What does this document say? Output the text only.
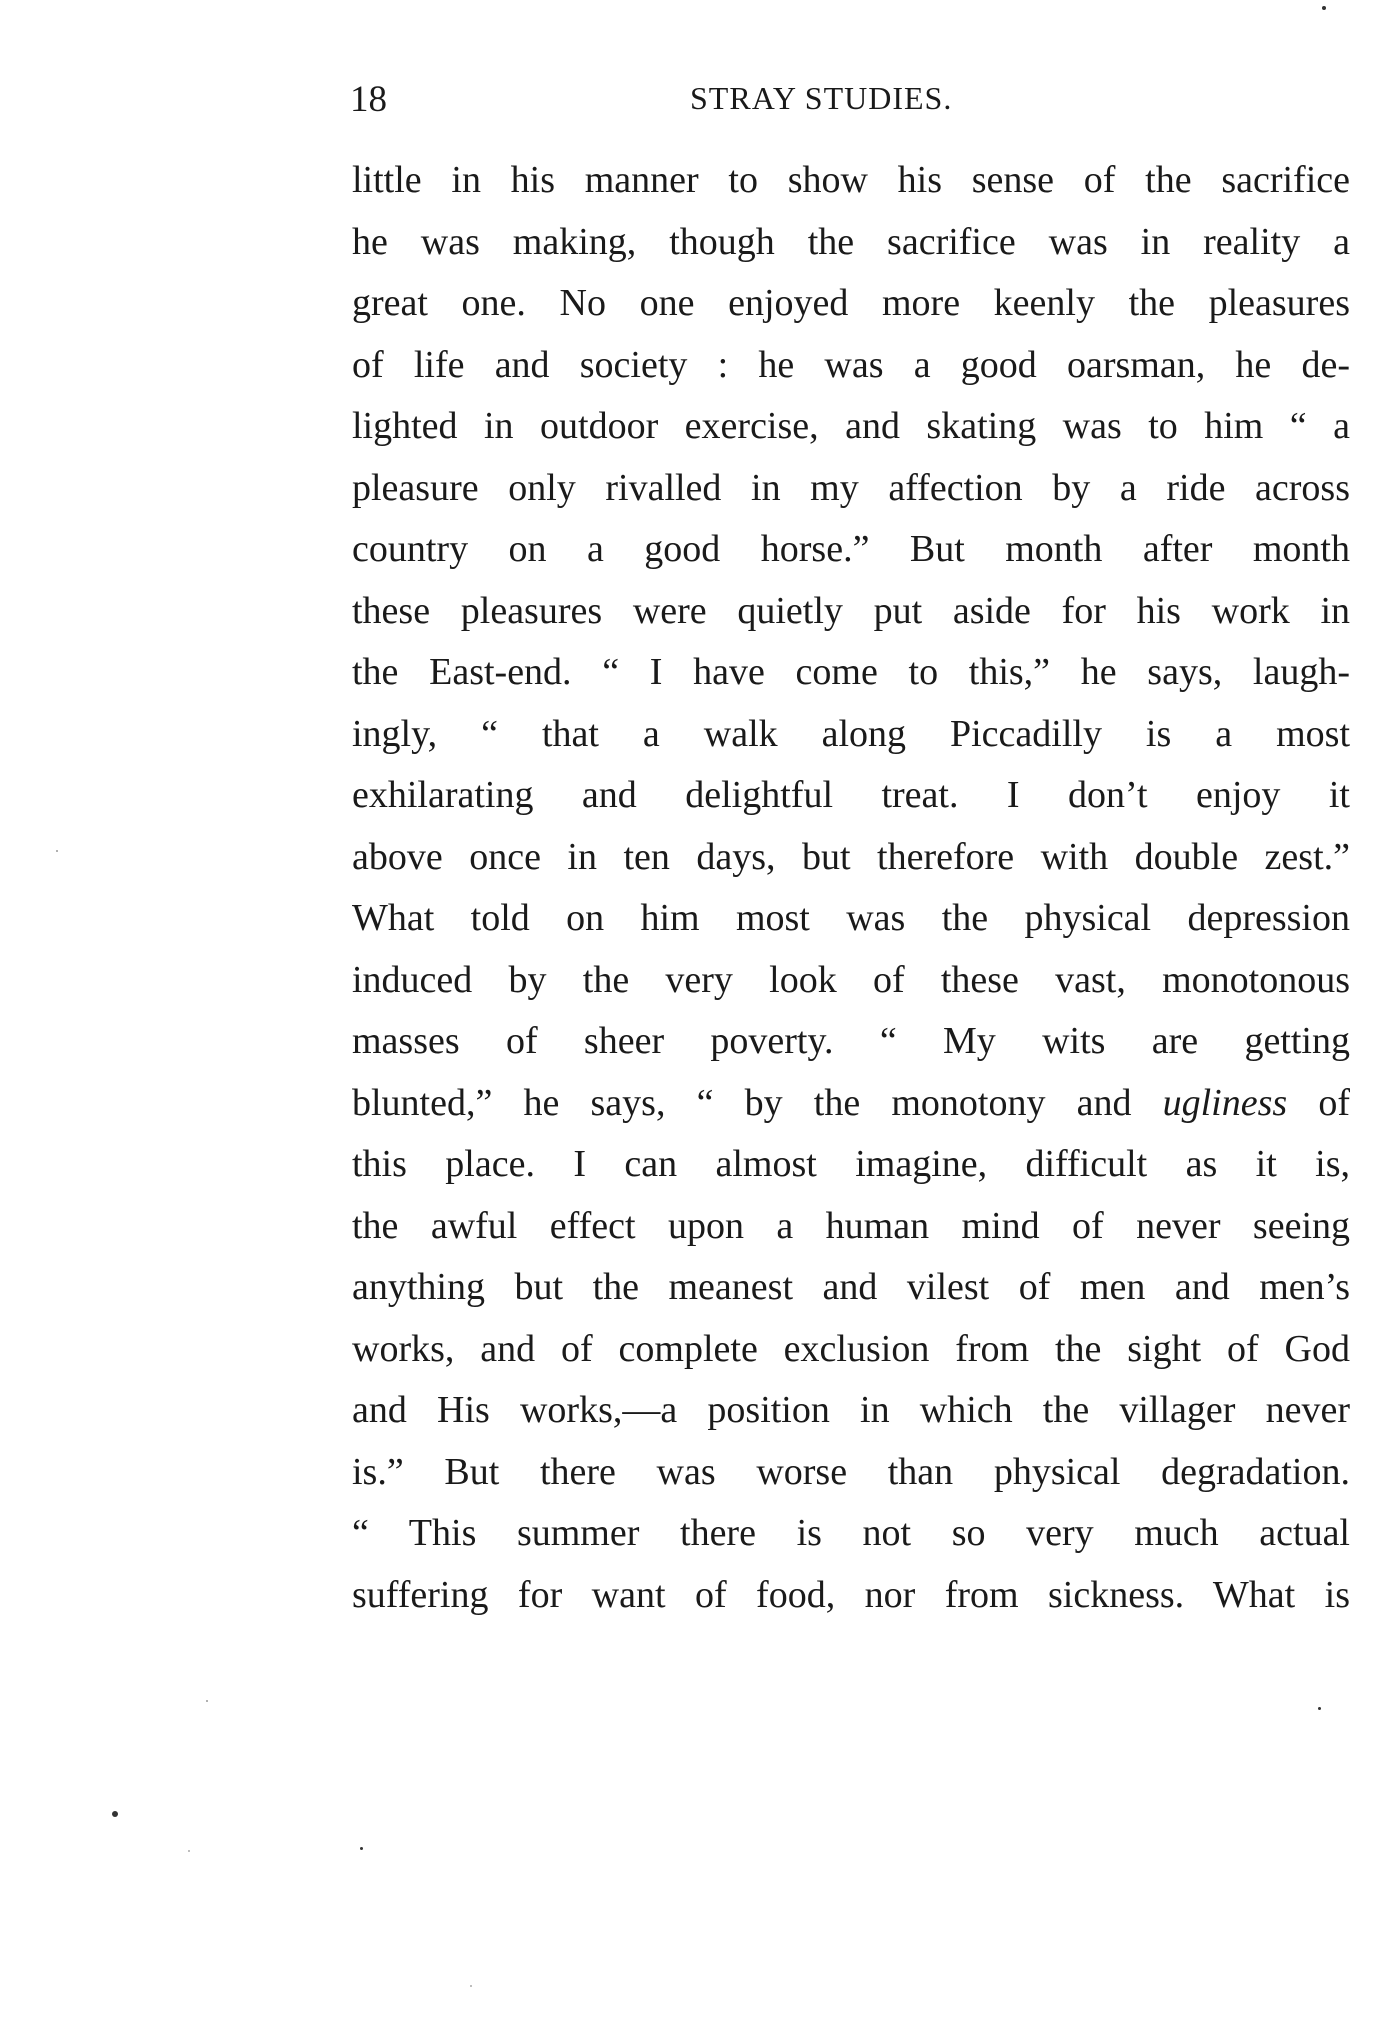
18	STRAY STUDIES.
little in his manner to show his sense of the sacrifice
he was making, though the sacrifice was in reality a
great one. No one enjoyed more keenly the pleasures
of life and society : he was a good oarsman, he de-
lighted in outdoor exercise, and skating was to him “ a
pleasure only rivalled in my affection by a ride across
country on a good horse.” But month after month
these pleasures were quietly put aside for his work in
the East-end. “ I have come to this,” he says, laugh-
ingly, “ that a walk along Piccadilly is a most
exhilarating and delightful treat. I don’t enjoy it
above once in ten days, but therefore with double zest.”
What told on him most was the physical depression
induced by the very look of these vast, monotonous
masses of sheer poverty. “ My wits are getting
blunted,” he says, “ by the monotony and ugliness of
this place. I can almost imagine, difficult as it is,
the awful effect upon a human mind of never seeing
anything but the meanest and vilest of men and men’s
works, and of complete exclusion from the sight of God
and His works,—a position in which the villager never
is.” But there was worse than physical degradation.
“ This summer there is not so very much actual
suffering for want of food, nor from sickness. What is
